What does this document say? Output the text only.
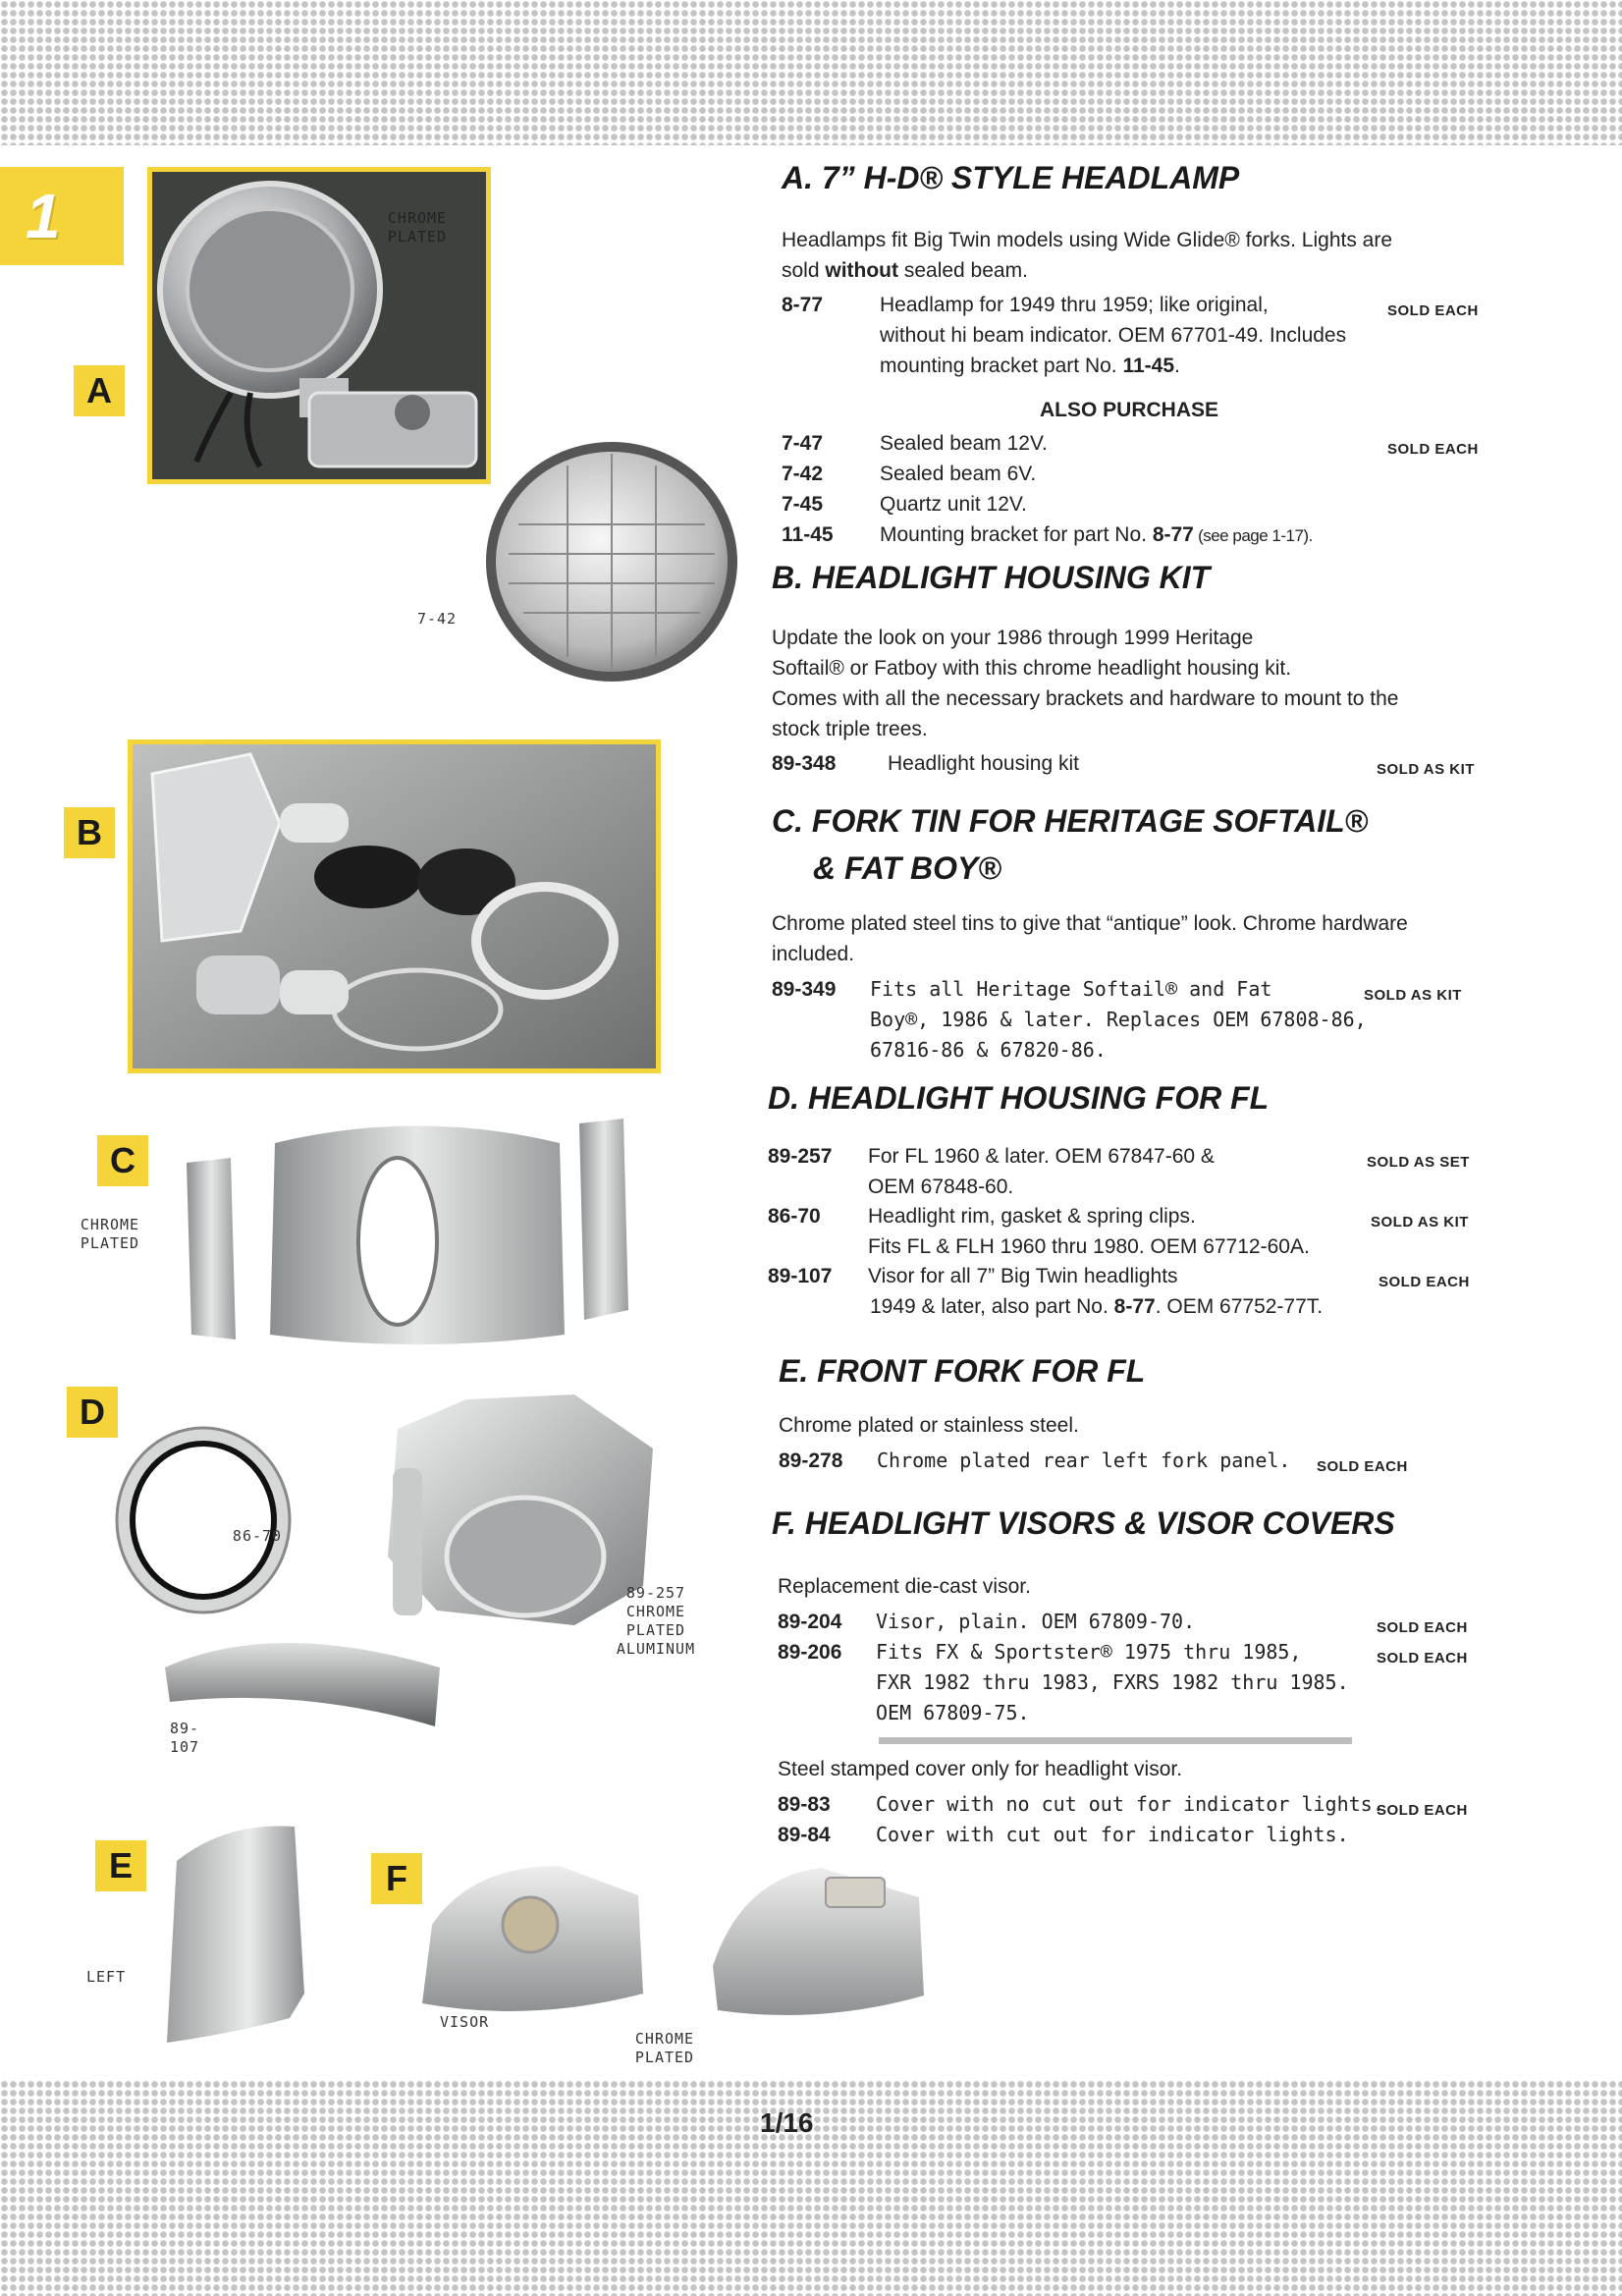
1
A
B
C
D
E	F
CHROME
PLATED
7-42
CHROME
PLATED
86-70
89-257
CHROME
PLATED
ALUMINUM
89-107
LEFT
VISOR
CHROME
PLATED
A. 7” H-D® STYLE HEADLAMP
Headlamps fit Big Twin models using Wide Glide® forks. Lights are
sold without sealed beam.
8-77	Headlamp for 1949 thru 1959; like original,
without hi beam indicator. OEM 67701-49. Includes
mounting bracket part No. 11-45.
SOLD EACH
ALSO PURCHASE
7-47	Sealed beam 12V.	SOLD EACH
7-42	Sealed beam 6V.
7-45	Quartz unit 12V.
11-45 Mounting bracket for part No. 8-77 (see page 1-17).
B. HEADLIGHT HOUSING KIT
Update the look on your 1986 through 1999 Heritage
Softail® or Fatboy with this chrome headlight housing kit.
Comes with all the necessary brackets and hardware to mount to the
stock triple trees.
89-348	Headlight housing kit	SOLD AS KIT
C. FORK TIN FOR HERITAGE SOFTAIL®
& FAT BOY®
Chrome plated steel tins to give that “antique” look. Chrome hardware
included.
89-349 Fits all Heritage Softail® and Fat
Boy®, 1986 & later. Replaces OEM 67808-86,
67816-86 & 67820-86.
SOLD AS KIT
D. HEADLIGHT HOUSING FOR FL
89-257 For FL 1960 & later. OEM 67847-60 &
OEM 67848-60.
SOLD AS SET
86-70 Headlight rim, gasket & spring clips.
Fits FL & FLH 1960 thru 1980. OEM 67712-60A.
SOLD AS KIT
89-107 Visor for all 7” Big Twin headlights
1949 & later, also part No. 8-77. OEM 67752-77T.
SOLD EACH
E. FRONT FORK FOR FL
Chrome plated or stainless steel.
89-278 Chrome plated rear left fork panel. SOLD EACH
F. HEADLIGHT VISORS & VISOR COVERS
Replacement die-cast visor.
89-204 Visor, plain. OEM 67809-70.	SOLD EACH
89-206 Fits FX & Sportster® 1975 thru 1985,
FXR 1982 thru 1983, FXRS 1982 thru 1985.
OEM 67809-75.
SOLD EACH
Steel stamped cover only for headlight visor.
89-83 Cover with no cut out for indicator lights.
SOLD EACH
89-84 Cover with cut out for indicator lights.
1/16
